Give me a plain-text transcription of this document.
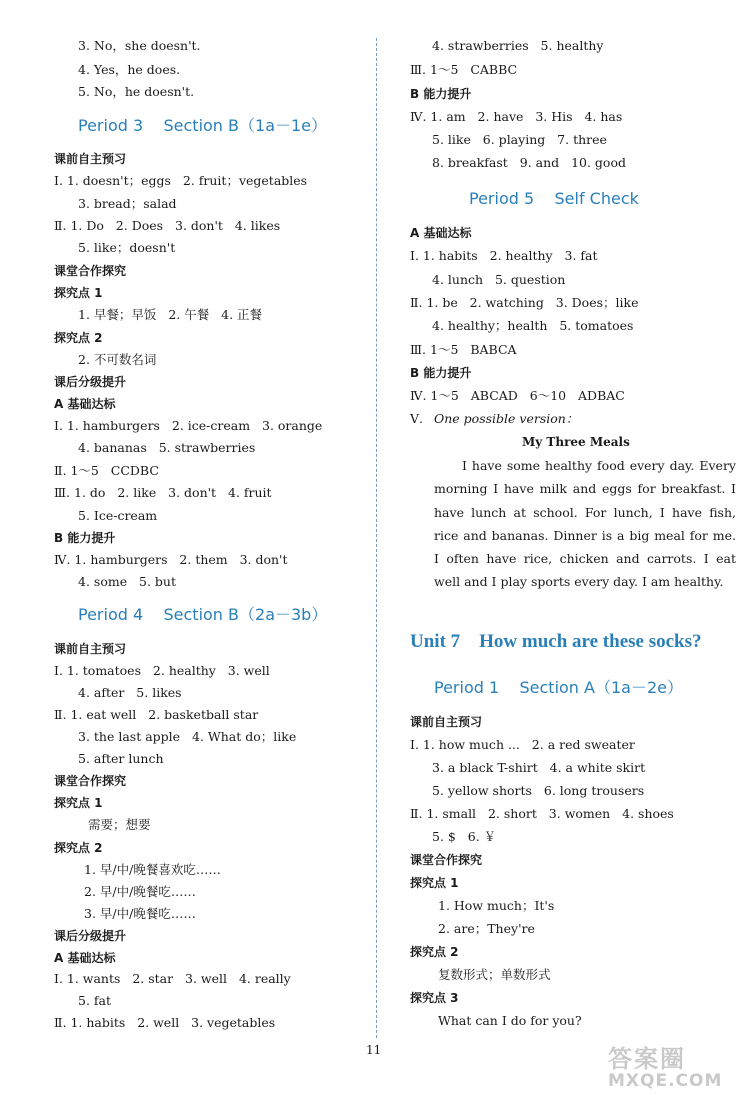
3. No，she doesn't.
4. Yes，he does.
5. No，he doesn't.
Period 3    Section B（1a－1e）
课前自主预习
Ⅰ. 1. doesn't；eggs   2. fruit；vegetables
3. bread；salad
Ⅱ. 1. Do   2. Does   3. don't   4. likes
5. like；doesn't
课堂合作探究
探究点 1
1. 早餐；早饭   2. 午餐   4. 正餐
探究点 2
2. 不可数名词
课后分级提升
A 基础达标
Ⅰ. 1. hamburgers   2. ice-cream   3. orange
4. bananas   5. strawberries
Ⅱ. 1～5   CCDBC
Ⅲ. 1. do   2. like   3. don't   4. fruit
5. Ice-cream
B 能力提升
Ⅳ. 1. hamburgers   2. them   3. don't
4. some   5. but
Period 4    Section B（2a－3b）
课前自主预习
Ⅰ. 1. tomatoes   2. healthy   3. well
4. after   5. likes
Ⅱ. 1. eat well   2. basketball star
3. the last apple   4. What do；like
5. after lunch
课堂合作探究
探究点 1
需要；想要
探究点 2
1. 早/中/晚餐喜欢吃……
2. 早/中/晚餐吃……
3. 早/中/晚餐吃……
课后分级提升
A 基础达标
Ⅰ. 1. wants   2. star   3. well   4. really
5. fat
Ⅱ. 1. habits   2. well   3. vegetables
4. strawberries   5. healthy
Ⅲ. 1～5   CABBC
B 能力提升
Ⅳ. 1. am   2. have   3. His   4. has
5. like   6. playing   7. three
8. breakfast   9. and   10. good
Period 5    Self Check
A 基础达标
Ⅰ. 1. habits   2. healthy   3. fat
4. lunch   5. question
Ⅱ. 1. be   2. watching   3. Does；like
4. healthy；health   5. tomatoes
Ⅲ. 1～5   BABCA
B 能力提升
Ⅳ. 1～5   ABCAD   6～10   ADBAC
Ⅴ. One possible version：
My Three Meals
I have some healthy food every day. Every morning I have milk and eggs for breakfast. I have lunch at school. For lunch, I have fish, rice and bananas. Dinner is a big meal for me. I often have rice, chicken and carrots. I eat well and I play sports every day. I am healthy.
Unit 7    How much are these socks?
Period 1    Section A（1a－2e）
课前自主预习
Ⅰ. 1. how much ...   2. a red sweater
3. a black T-shirt   4. a white skirt
5. yellow shorts   6. long trousers
Ⅱ. 1. small   2. short   3. women   4. shoes
5. $   6. ￥
课堂合作探究
探究点 1
1. How much；It's
2. are；They're
探究点 2
复数形式；单数形式
探究点 3
What can I do for you?
11	答案圈
MXQE.COM
